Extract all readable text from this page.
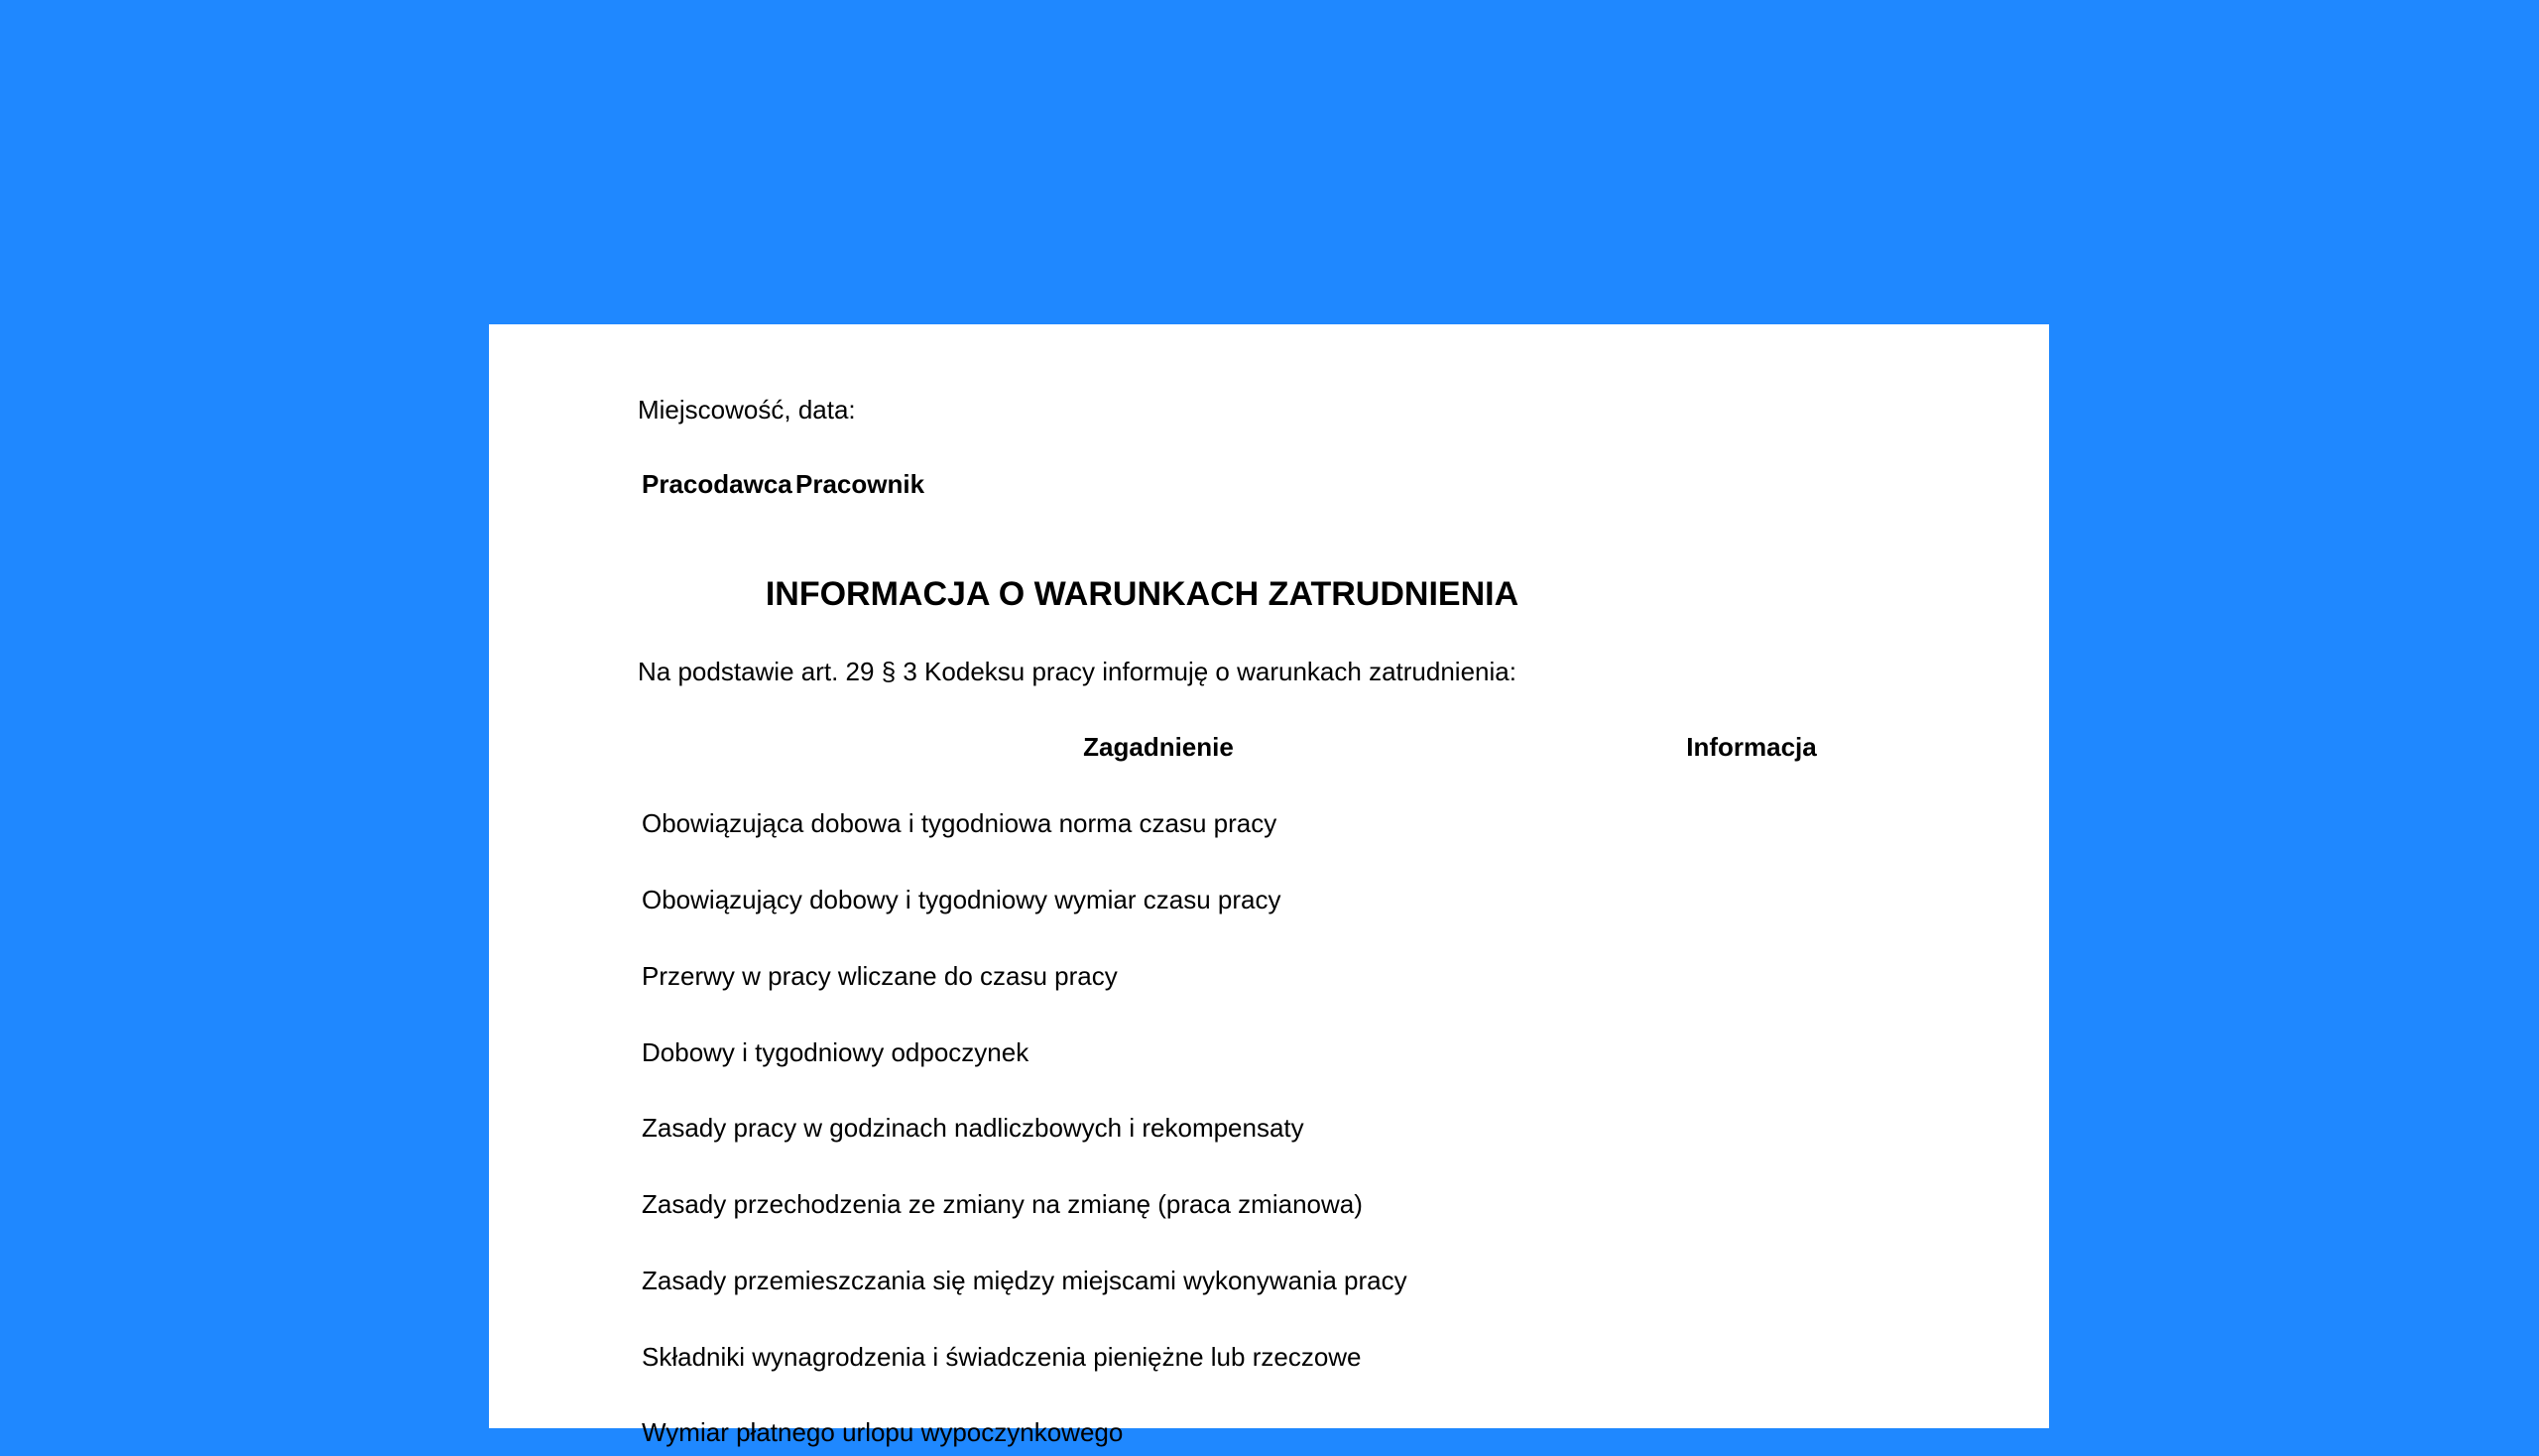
Miejscowość, data:
Pracodawca Pracownik
INFORMACJA O WARUNKACH ZATRUDNIENIA
Na podstawie art. 29 § 3 Kodeksu pracy informuję o warunkach zatrudnienia:
Zagadnienie	Informacja
Obowiązująca dobowa i tygodniowa norma czasu pracy
Obowiązujący dobowy i tygodniowy wymiar czasu pracy
Przerwy w pracy wliczane do czasu pracy
Dobowy i tygodniowy odpoczynek
Zasady pracy w godzinach nadliczbowych i rekompensaty
Zasady przechodzenia ze zmiany na zmianę (praca zmianowa)
Zasady przemieszczania się między miejscami wykonywania pracy
Składniki wynagrodzenia i świadczenia pieniężne lub rzeczowe
Wymiar płatnego urlopu wypoczynkowego
